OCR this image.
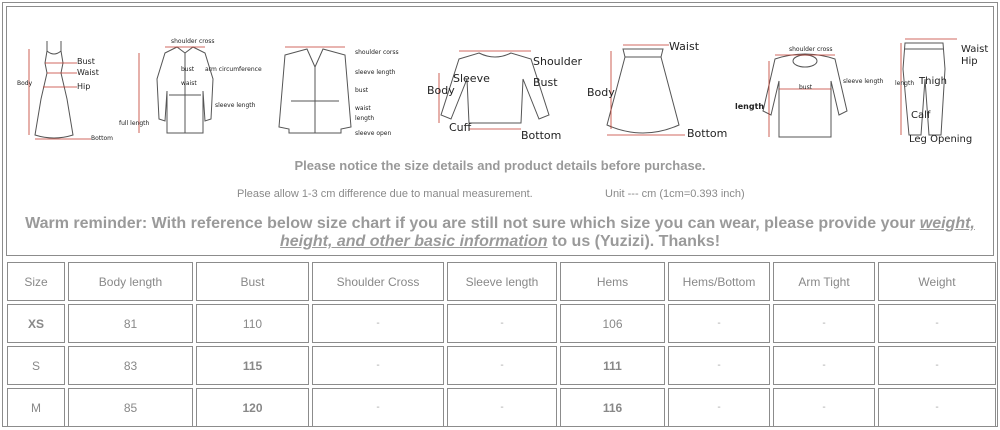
Bust
Waist
Hip
Body
Bottom
shoulder cross
bust
waist
arm circumference
sleeve length
full length
shoulder corss
sleeve length
bust
waist
length
sleeve open
Shoulder
Sleeve	Bust
Body
Cuff
Bottom
Waist
Body
Bottom
shoulder cross
bust
sleeve length
length
Waist
Hip
length Thigh
Calf
Leg Opening
Please notice the size details and product details before purchase.
Please allow 1-3 cm difference due to manual measurement.	Unit --- cm (1cm=0.393 inch)
Warm reminder: With reference below size chart if you are still not sure which size you can wear, please provide your weight, height, and other basic information to us (Yuzizi). Thanks!
Size	Body length	Bust	Shoulder Cross	Sleeve length	Hems	Hems/Bottom	Arm Tight	Weight
XS	81	110	-	-	106	-	-	-
S	83	115	-	-	111	-	-	-
M	85	120	-	-	116	-	-	-
